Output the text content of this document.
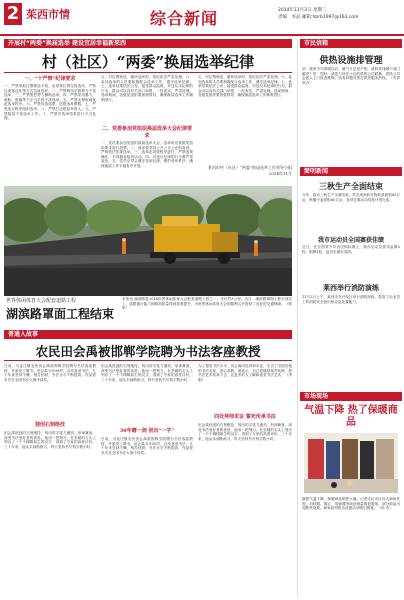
2 茱西市情	综合新闻	2014年11月3日 星期三
责编：李品 邮箱:hbrb1997@163.com
开展村“两委”换届选举 建设宜居幸福新茱西
村（社区）“两委”换届选举纪律
一、“十严禁”纪律要求
一、严禁采取拉票贿选手段。用财物拉票拉拢选民，严禁以请客送礼等方式拉拢选民。二、严禁利用宗族势力干扰选举。三、严禁黑恶势力操纵选举。四、严禁采用暴力、威胁、欺骗等不正当手段干扰选举。五、严禁无理取闹扰乱选举秩序。六、严禁伪造选票、虚报选举票数。七、严禁违反程序组织选举。八、严禁打击报复举报人。九、严禁阻挠干扰选举工作。十、严禁对选举结果进行不当处理。
五、对拉票贿选、破坏选举的，依纪依法严肃处理。六、参加选举的人员要积极配合选举工作，遵守选举纪律。七、选举结果依法公布，接受群众监督。对违反本纪律的行为，群众可以向有关部门举报，一经查实，严肃处理。选举期间，各级党组织要加强领导，确保换届选举工作顺利进行。
二、党委参加党组织换届选举大会纪律要求
一、党员要参加党组织换届选举大会，选举时应按照党组织要求进行投票。二、选举要坚持公开公平公正的原则，严格依法依规选举。三、选举必须按程序进行，严禁违规操作，不得搞非组织活动。四、对违反纪律的行为要严肃查处。五、党员应带头遵守选举纪律，维护选举秩序，确保换届工作平稳有序开展。
五、对拉票贿选、破坏选举的，依纪依法严肃处理。六、参加选举的人员要积极配合选举工作，遵守选举纪律。七、选举结果依法公布，接受群众监督。对违反本纪律的行为，群众可以向有关部门举报，一经查实，严肃处理。选举期间，各级党组织要加强领导，确保换届选举工作顺利进行。
莱西市村（社区）“两委”换届选举工作领导小组
2014年11月
世界休闲体育大会配套道路工程
湖滨路罩面工程结束
本报讯 湖滨路是2014世界休闲体育大会配套道路工程之一，全长约3公里。近日，湖滨路罩面工程全部完工，道路通行能力和路面质量得到显著提升，为世界休闲体育大会的顺利召开提供了良好的交通保障。（郭 军）
普通人故事
农民田会禹被邯郸学院聘为书法客座教授
日前，马连庄镇农民田会禹被邯郸学院聘为书法客座教授，并颁发了聘书。田会禹今年58岁，自幼喜爱书法，几十年来坚持不懈，刻苦钻研，书法水平不断提高，作品曾多次在全国书法大赛中获奖。
独创石刻绝技
田会禹独创的石刻绝技，刻出的字笔力遒劲，形神兼备，深受书法爱好者的喜爱。他用一把刻刀，在坚硬的石头上刻出了一个个栩栩如生的汉字，得到了专家的高度评价。三十年来，他从未间断练习，每天坚持书写刻字数小时。
田会禹独创的石刻绝技，刻出的字笔力遒劲，形神兼备，深受书法爱好者的喜爱。他用一把刻刀，在坚硬的石头上刻出了一个个栩栩如生的汉字，得到了专家的高度评价。三十年来，他从未间断练习，每天坚持书写刻字数小时。
30年磨一剑 创出“一字”
日前，马连庄镇农民田会禹被邯郸学院聘为书法客座教授，并颁发了聘书。田会禹今年58岁，自幼喜爱书法，几十年来坚持不懈，刻苦钻研，书法水平不断提高，作品曾多次在全国书法大赛中获奖。
为了提高书法水平，田会禹四处拜师求证，走访了全国各地的书法名家，虚心求教。他表示，自己将继续刻苦钻研，把书法艺术传承下去，让更多的人了解和喜爱书法艺术。（李 娟）
四处拜师求证 誓死传承书法
田会禹独创的石刻绝技，刻出的字笔力遒劲，形神兼备，深受书法爱好者的喜爱。他用一把刻刀，在坚硬的石头上刻出了一个个栩栩如生的汉字，得到了专家的高度评价。三十年来，他从未间断练习，每天坚持书写刻字数小时。
市民信箱
供热设施排管理
问：我家今年供暖以后，暖气片总是不热，请问该找哪个部门解决？答：您好，请您与所在小区的供热公司联系，供热公司会派人上门检查维修。如有问题可拨打供热服务热线。（市供热办）
简明新闻
三秋生产全面结束
今年，我市三秋生产全面结束，共完成秋收作物收获面积85万亩，秋播小麦面积60万亩，各项农事活动均按计划完成。
我市运动员全国赛获佳绩
近日，在全国青少年田径锦标赛上，我市运动员获得金牌2枚、银牌1枚，创历史最好成绩。
莱西举行消防演练
11月2日上午，莱西市在开发区举行消防演练，提高了企业员工的消防安全意识和应急处置能力。
市场现场
气温下降 热了保暖商品
随着气温下降，保暖商品销售火爆。记者走访市区各大商场发现，羽绒服、棉衣、电暖器等商品销量明显增加，部分商品出现断货现象。商家纷纷推出优惠活动吸引顾客。（孙 杰）
